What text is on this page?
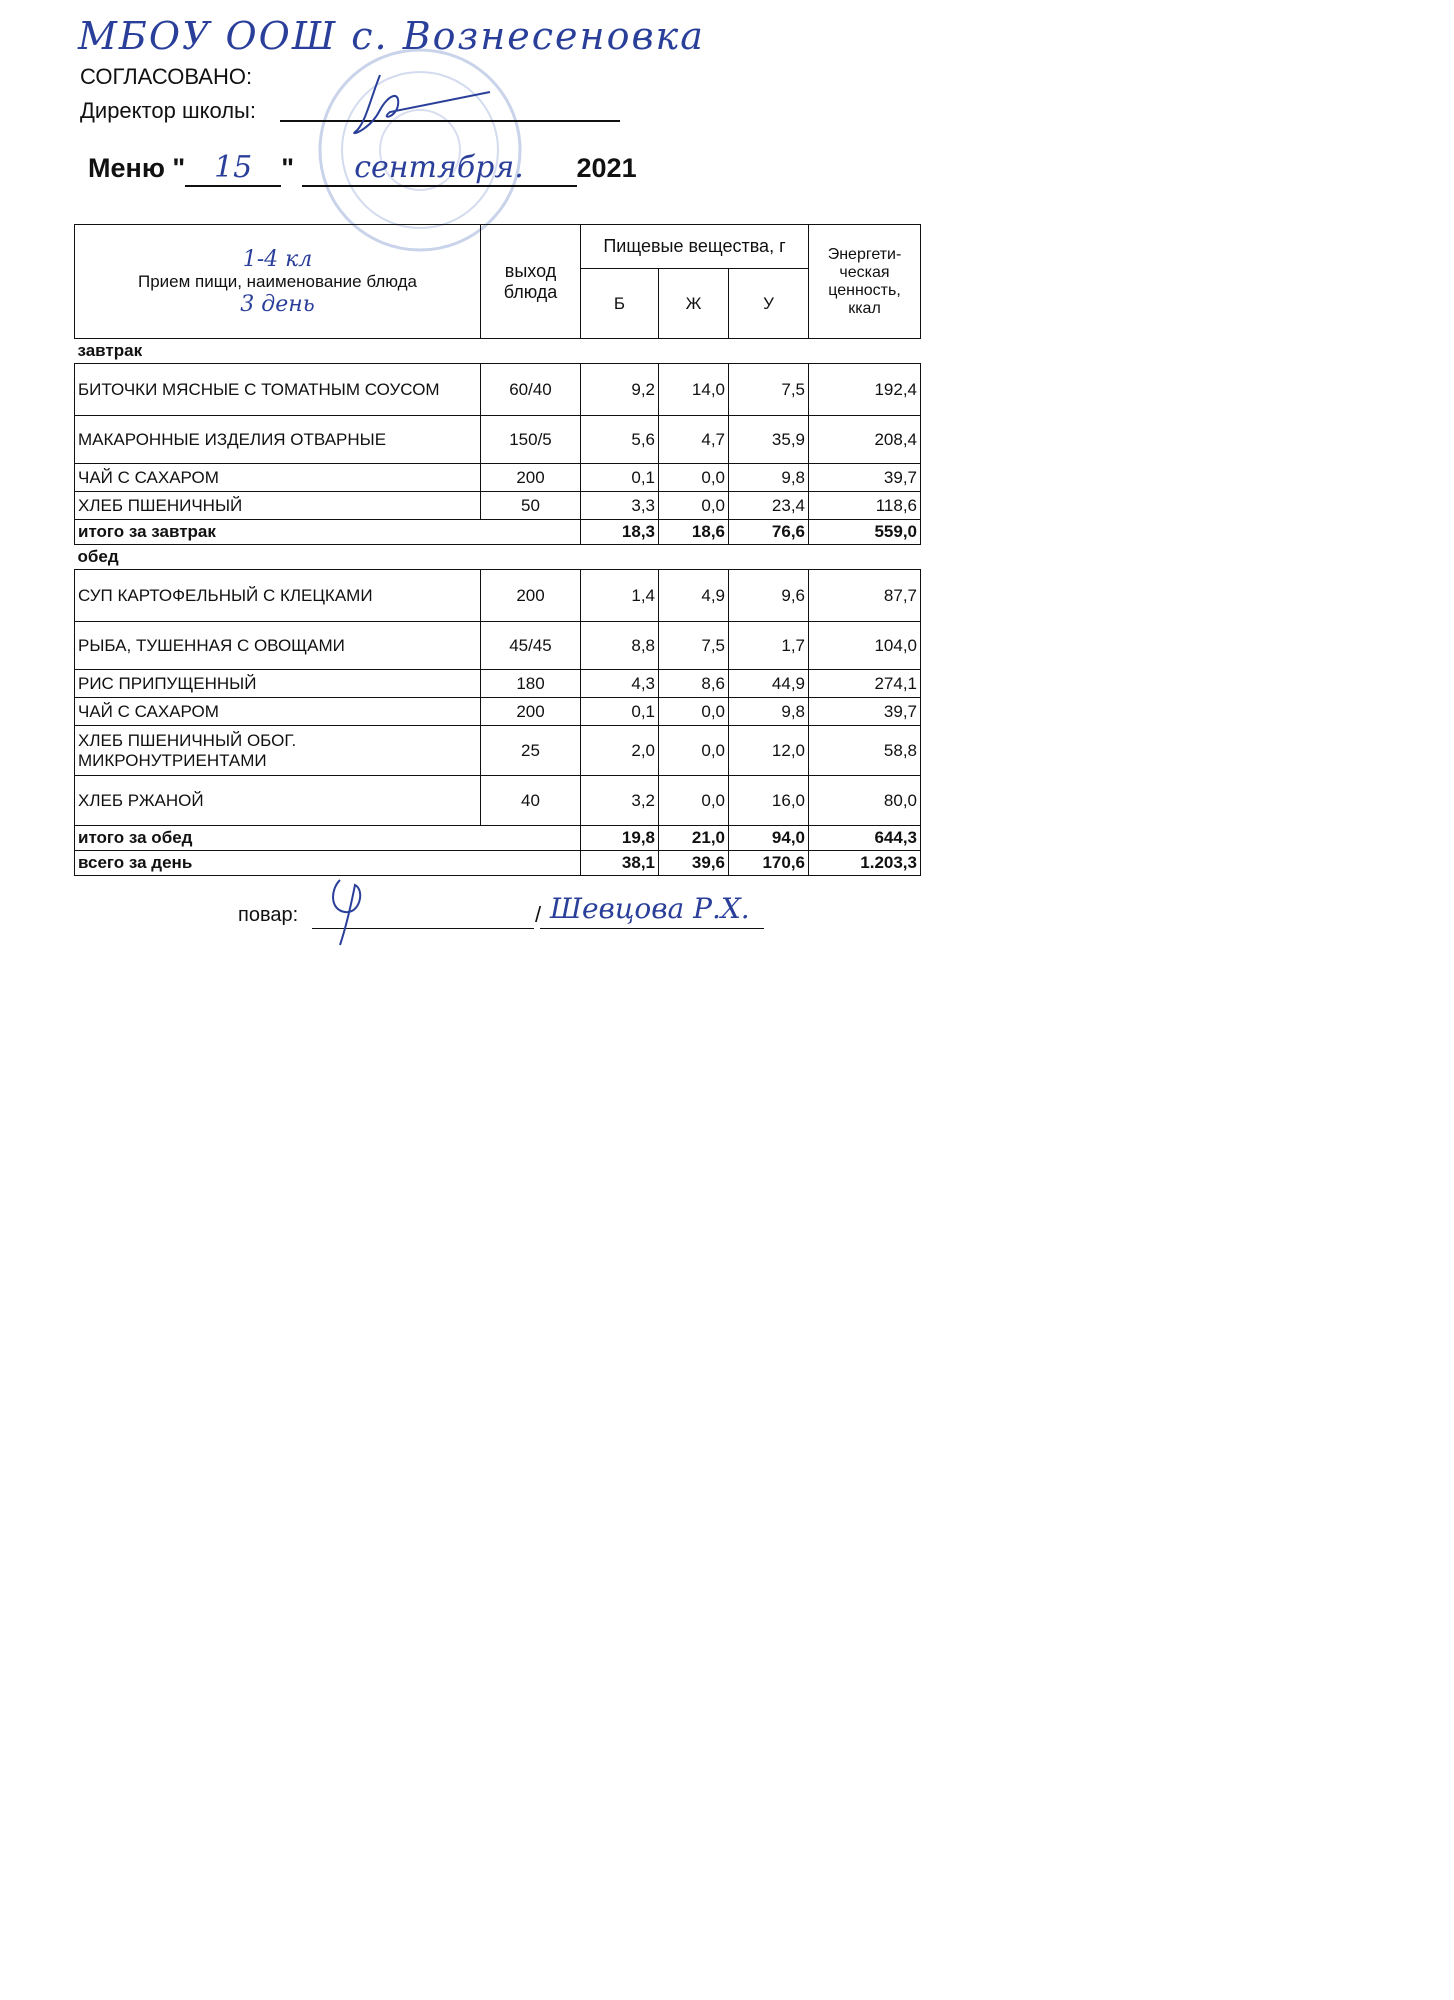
МБОУ ООШ с. Вознесеновка
СОГЛАСОВАНО:
Директор школы:
Меню " 15 " сентября. 2021
1-4 кл
Прием пищи, наименование блюда
3 день	выход блюда	Пищевые вещества, г			Энергети-ческая ценность, ккал
		Б	Ж	У	
завтрак					
БИТОЧКИ МЯСНЫЕ С ТОМАТНЫМ СОУСОМ	60/40	9,2	14,0	7,5	192,4
МАКАРОННЫЕ ИЗДЕЛИЯ ОТВАРНЫЕ	150/5	5,6	4,7	35,9	208,4
ЧАЙ С САХАРОМ	200	0,1	0,0	9,8	39,7
ХЛЕБ ПШЕНИЧНЫЙ	50	3,3	0,0	23,4	118,6
итого за завтрак		18,3	18,6	76,6	559,0
обед					
СУП КАРТОФЕЛЬНЫЙ С КЛЕЦКАМИ	200	1,4	4,9	9,6	87,7
РЫБА, ТУШЕННАЯ С ОВОЩАМИ	45/45	8,8	7,5	1,7	104,0
РИС ПРИПУЩЕННЫЙ	180	4,3	8,6	44,9	274,1
ЧАЙ С САХАРОМ	200	0,1	0,0	9,8	39,7
ХЛЕБ ПШЕНИЧНЫЙ ОБОГ. МИКРОНУТРИЕНТАМИ	25	2,0	0,0	12,0	58,8
ХЛЕБ РЖАНОЙ	40	3,2	0,0	16,0	80,0
итого за обед		19,8	21,0	94,0	644,3
всего за день		38,1	39,6	170,6	1.203,3
повар:	/ Шевцова Р.Х.
